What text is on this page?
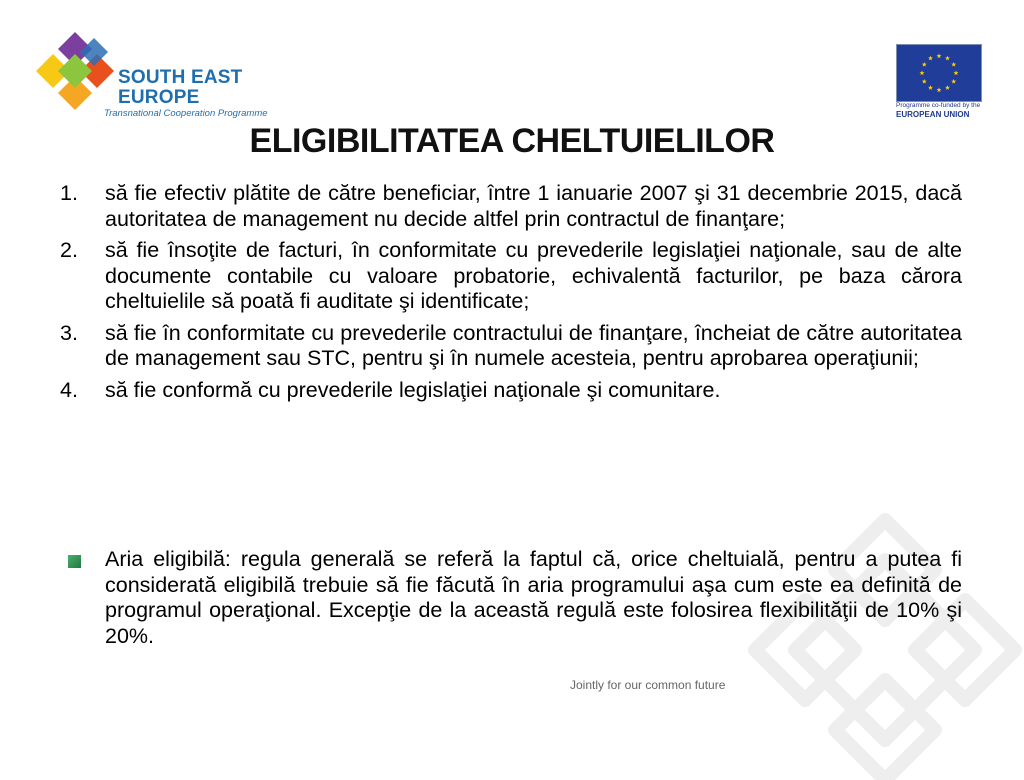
SOUTH EAST
EUROPE
Transnational Cooperation Programme
Programme co-funded by the
EUROPEAN UNION
ELIGIBILITATEA CHELTUIELILOR
1. să fie efectiv plătite de către beneficiar, între 1 ianuarie 2007 şi 31 decembrie 2015, dacă autoritatea de management nu decide altfel prin contractul de finanţare;
2. să fie însoţite de facturi, în conformitate cu prevederile legislaţiei naţionale, sau de alte documente contabile cu valoare probatorie, echivalentă facturilor, pe baza cărora cheltuielile să poată fi auditate şi identificate;
3. să fie în conformitate cu prevederile contractului de finanţare, încheiat de către autoritatea de management sau STC, pentru şi în numele acesteia, pentru aprobarea operaţiunii;
4. să fie conformă cu prevederile legislaţiei naţionale şi comunitare.
Aria eligibilă: regula generală se referă la faptul că, orice cheltuială, pentru a putea fi considerată eligibilă trebuie să fie făcută în aria programului aşa cum este ea definită de programul operaţional. Excepţie de la această regulă este folosirea flexibilităţii de 10% şi 20%.
Jointly for our common future
